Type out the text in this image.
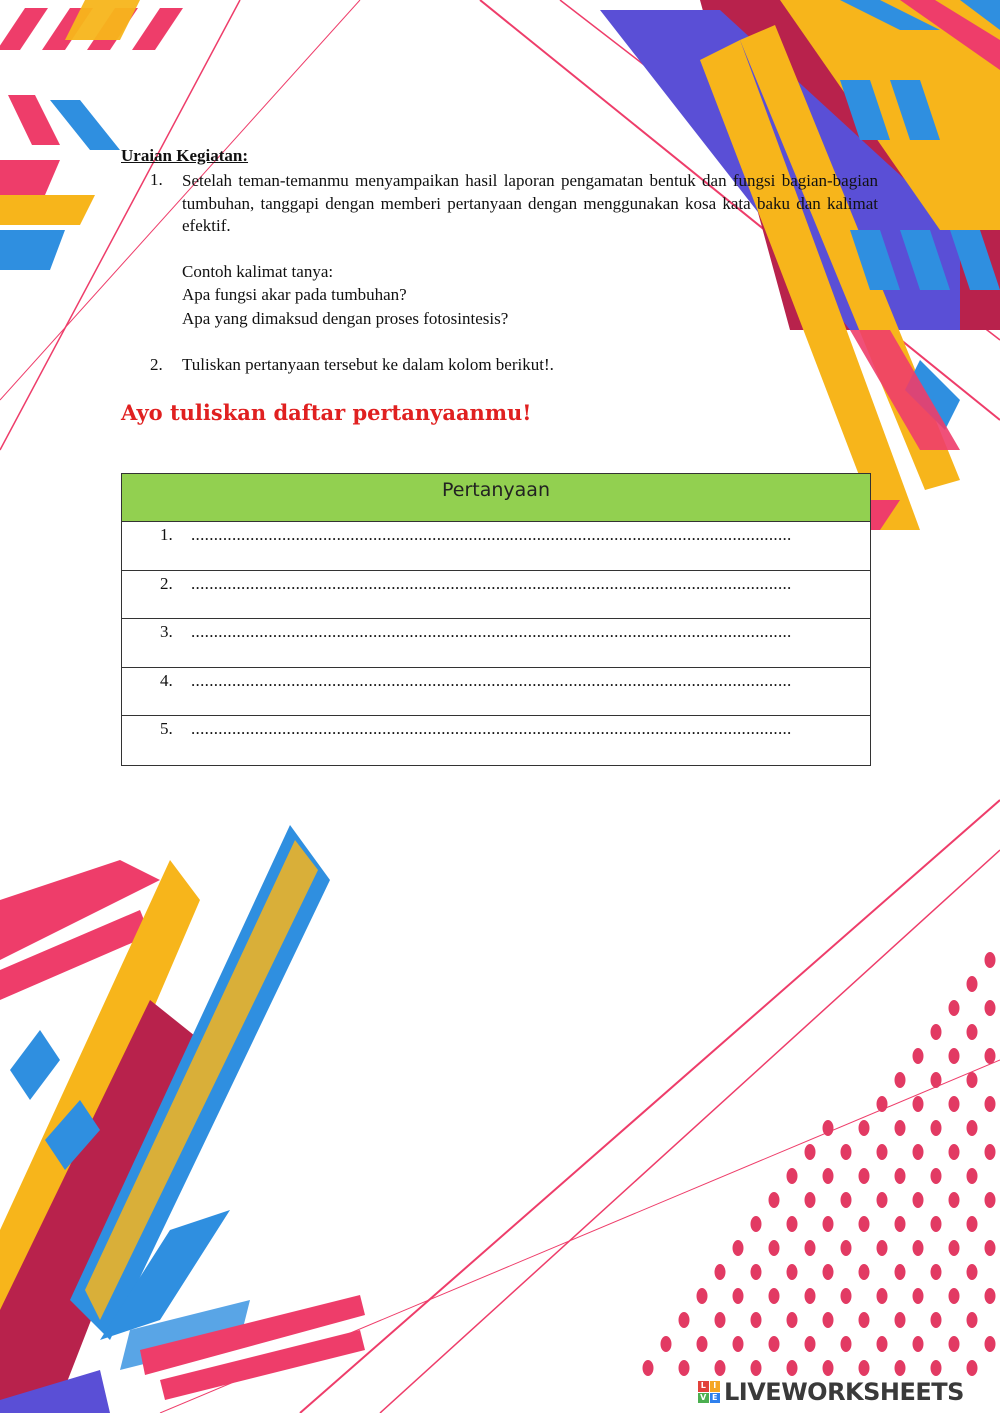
Uraian Kegiatan:
1. Setelah teman-temanmu menyampaikan hasil laporan pengamatan bentuk dan fungsi bagian-bagian tumbuhan, tanggapi dengan memberi pertanyaan dengan menggunakan kosa kata baku dan kalimat efektif.
Contoh kalimat tanya:
Apa fungsi akar pada tumbuhan?
Apa yang dimaksud dengan proses fotosintesis?
2. Tuliskan pertanyaan tersebut ke dalam kolom berikut!.
Ayo tuliskan daftar pertanyaanmu!
Pertanyaan
1. ....................................................................................................................................
2. ....................................................................................................................................
3. ....................................................................................................................................
4. ....................................................................................................................................
5. ....................................................................................................................................
L I
V E LIVEWORKSHEETS
